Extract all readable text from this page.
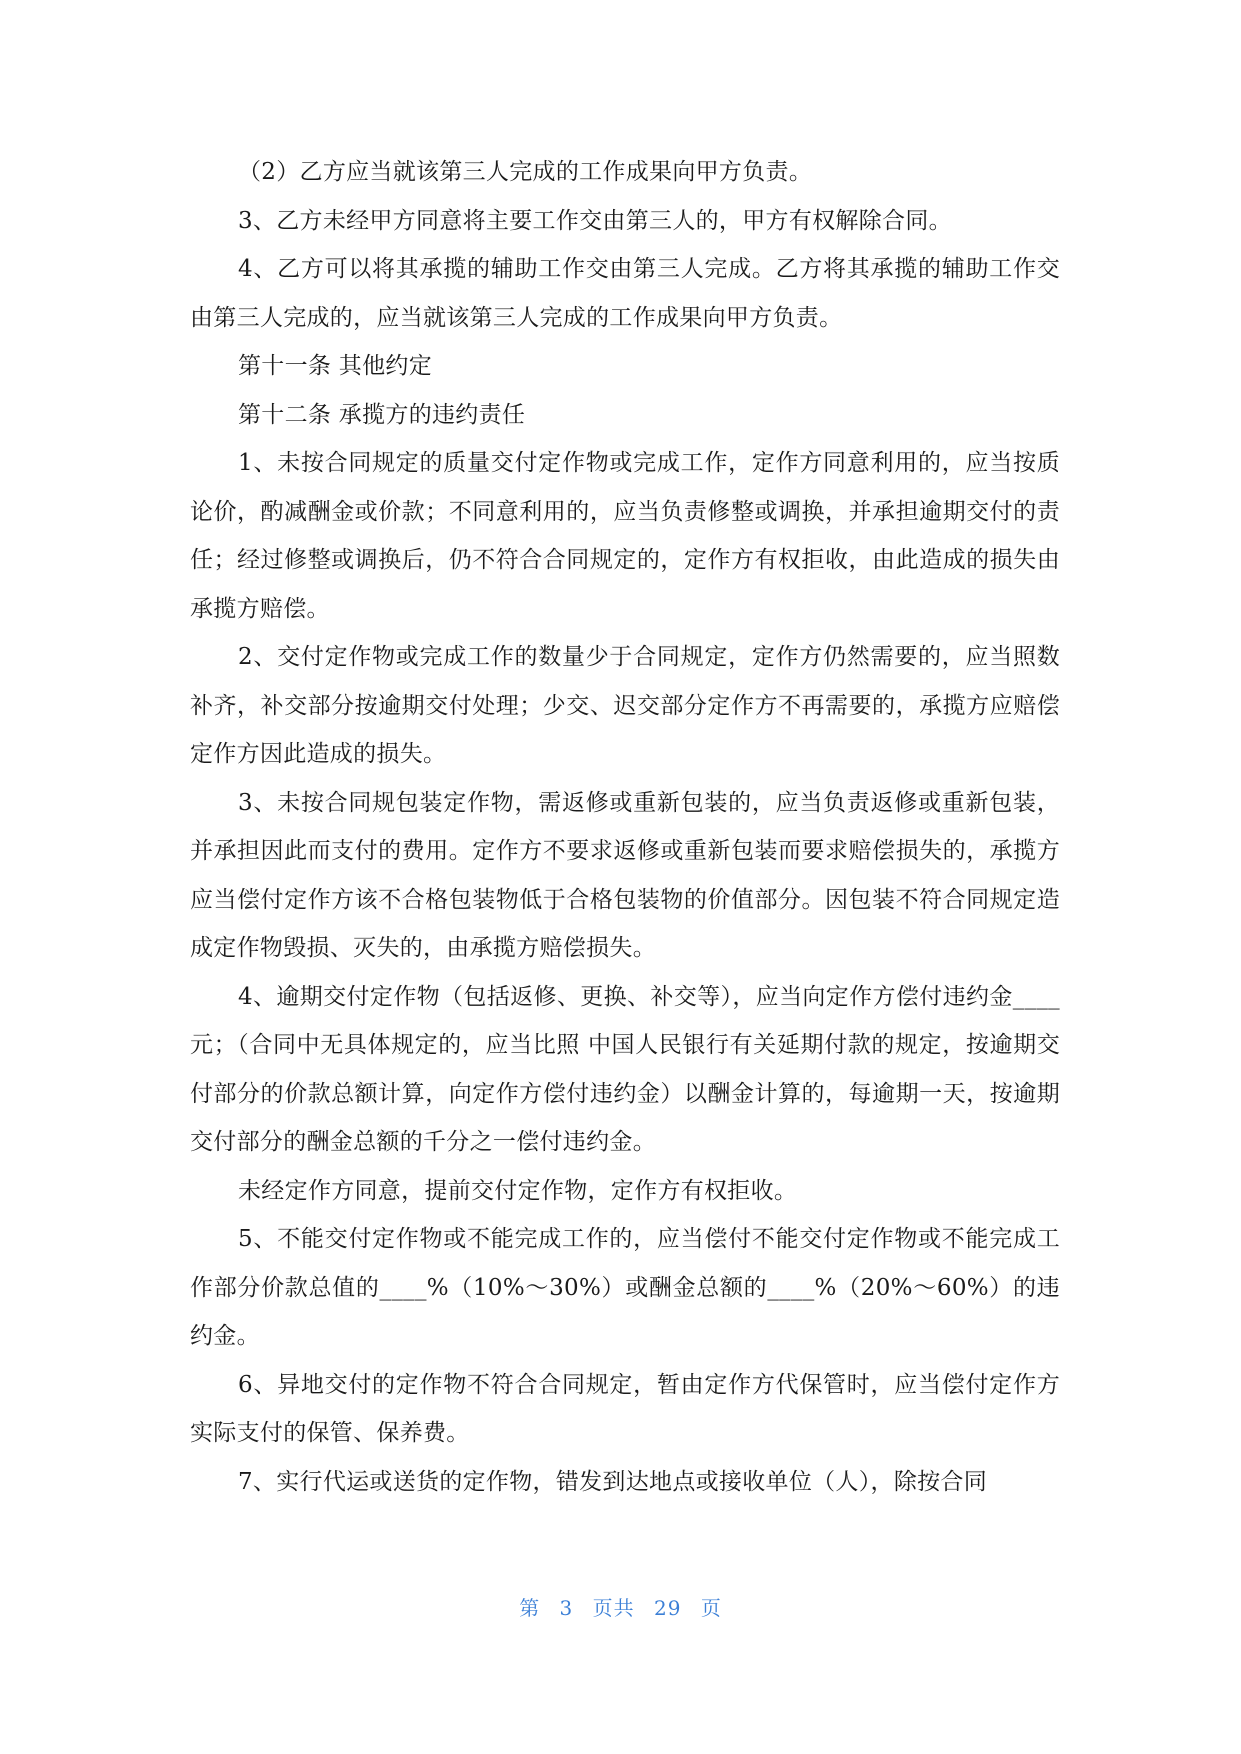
（2）乙方应当就该第三人完成的工作成果向甲方负责。

3、乙方未经甲方同意将主要工作交由第三人的，甲方有权解除合同。

4、乙方可以将其承揽的辅助工作交由第三人完成。乙方将其承揽的辅助工作交由第三人完成的，应当就该第三人完成的工作成果向甲方负责。

第十一条 其他约定

第十二条 承揽方的违约责任

1、未按合同规定的质量交付定作物或完成工作，定作方同意利用的，应当按质论价，酌减酬金或价款；不同意利用的，应当负责修整或调换，并承担逾期交付的责任；经过修整或调换后，仍不符合合同规定的，定作方有权拒收，由此造成的损失由承揽方赔偿。

2、交付定作物或完成工作的数量少于合同规定，定作方仍然需要的，应当照数补齐，补交部分按逾期交付处理；少交、迟交部分定作方不再需要的，承揽方应赔偿定作方因此造成的损失。

3、未按合同规包装定作物，需返修或重新包装的，应当负责返修或重新包装，并承担因此而支付的费用。定作方不要求返修或重新包装而要求赔偿损失的，承揽方应当偿付定作方该不合格包装物低于合格包装物的价值部分。因包装不符合同规定造成定作物毁损、灭失的，由承揽方赔偿损失。

4、逾期交付定作物（包括返修、更换、补交等），应当向定作方偿付违约金____ 元；（合同中无具体规定的，应当比照 中国人民银行有关延期付款的规定，按逾期交付部分的价款总额计算，向定作方偿付违约金）以酬金计算的，每逾期一天，按逾期交付部分的酬金总额的千分之一偿付违约金。

未经定作方同意，提前交付定作物，定作方有权拒收。

5、不能交付定作物或不能完成工作的，应当偿付不能交付定作物或不能完成工作部分价款总值的____%（10%～30%）或酬金总额的____%（20%～60%）的违约金。

6、异地交付的定作物不符合合同规定，暂由定作方代保管时，应当偿付定作方实际支付的保管、保养费。

7、实行代运或送货的定作物，错发到达地点或接收单位（人），除按合同

第 3 页共 29 页
